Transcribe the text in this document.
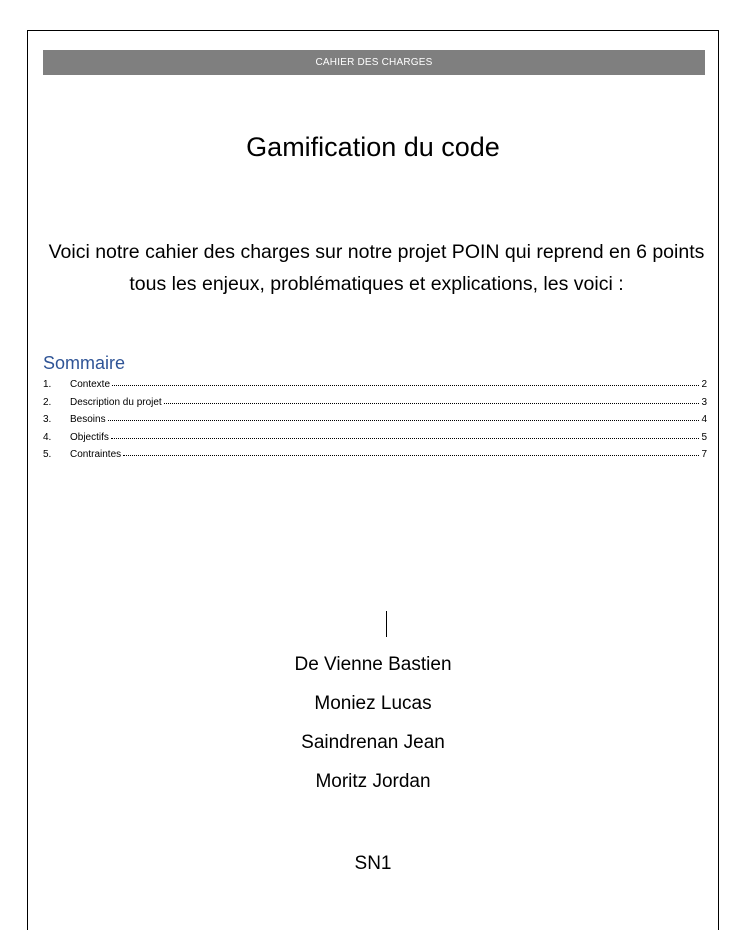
CAHIER DES CHARGES
Gamification du code
Voici notre cahier des charges sur notre projet POIN qui reprend en 6 points tous les enjeux, problématiques et explications, les voici :
Sommaire
1.	Contexte	2
2.	Description du projet	3
3.	Besoins	4
4.	Objectifs	5
5.	Contraintes	7
De Vienne Bastien
Moniez Lucas
Saindrenan Jean
Moritz Jordan
SN1
